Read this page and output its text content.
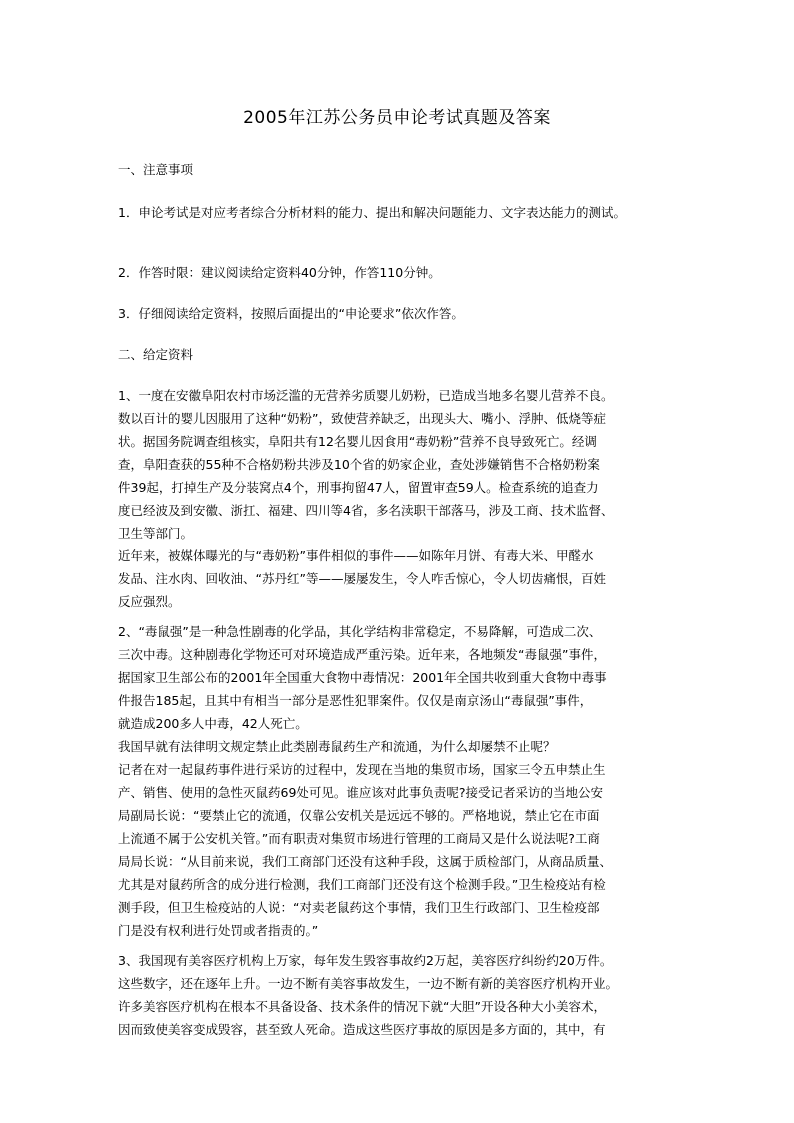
2005年江苏公务员申论考试真题及答案
一、注意事项
1．申论考试是对应考者综合分析材料的能力、提出和解决问题能力、文字表达能力的测试。
2．作答时限：建议阅读给定资料40分钟，作答110分钟。
3．仔细阅读给定资料，按照后面提出的“申论要求”依次作答。
二、给定资料
1、一度在安徽阜阳农村市场泛滥的无营养劣质婴儿奶粉，已造成当地多名婴儿营养不良。
数以百计的婴儿因服用了这种“奶粉”，致使营养缺乏，出现头大、嘴小、浮肿、低烧等症
状。据国务院调查组核实，阜阳共有12名婴儿因食用“毒奶粉”营养不良导致死亡。经调
查，阜阳查获的55种不合格奶粉共涉及10个省的奶家企业，查处涉嫌销售不合格奶粉案
件39起，打掉生产及分装窝点4个，刑事拘留47人，留置审查59人。检查系统的追查力
度已经波及到安徽、浙扛、福建、四川等4省，多名渎职干部落马，涉及工商、技术监督、
卫生等部门。
近年来，被媒体曝光的与“毒奶粉”事件相似的事件——如陈年月饼、有毒大米、甲醛水
发品、注水肉、回收油、“苏丹红”等——屡屡发生，令人咋舌惊心，令人切齿痛恨，百姓
反应强烈。
2、“毒鼠强”是一种急性剧毒的化学品，其化学结构非常稳定，不易降解，可造成二次、
三次中毒。这种剧毒化学物还可对环境造成严重污染。近年来，各地频发“毒鼠强”事件，
据国家卫生部公布的2001年全国重大食物中毒情况：2001年全国共收到重大食物中毒事
件报告185起，且其中有相当一部分是恶性犯罪案件。仅仅是南京汤山“毒鼠强”事件，
就造成200多人中毒，42人死亡。
我国早就有法律明文规定禁止此类剧毒鼠药生产和流通，为什么却屡禁不止呢？
记者在对一起鼠药事件进行采访的过程中，发现在当地的集贸市场，国家三令五申禁止生
产、销售、使用的急性灭鼠药69处可见。谁应该对此事负责呢?接受记者采访的当地公安
局副局长说：“要禁止它的流通，仅靠公安机关是远远不够的。严格地说，禁止它在市面
上流通不属于公安机关管。”而有职责对集贸市场进行管理的工商局又是什么说法呢?工商
局局长说：“从目前来说，我们工商部门还没有这种手段，这属于质检部门，从商品质量、
尤其是对鼠药所含的成分进行检测，我们工商部门还没有这个检测手段。”卫生检疫站有检
测手段，但卫生检疫站的人说：“对卖老鼠药这个事情，我们卫生行政部门、卫生检疫部
门是没有权利进行处罚或者指责的。”
3、我国现有美容医疗机构上万家，每年发生毁容事故约2万起，美容医疗纠纷约20万件。
这些数字，还在逐年上升。一边不断有美容事故发生，一边不断有新的美容医疗机构开业。
许多美容医疗机构在根本不具备设备、技术条件的情况下就“大胆”开设各种大小美容术，
因而致使美容变成毁容，甚至致人死命。造成这些医疗事故的原因是多方面的，其中，有
